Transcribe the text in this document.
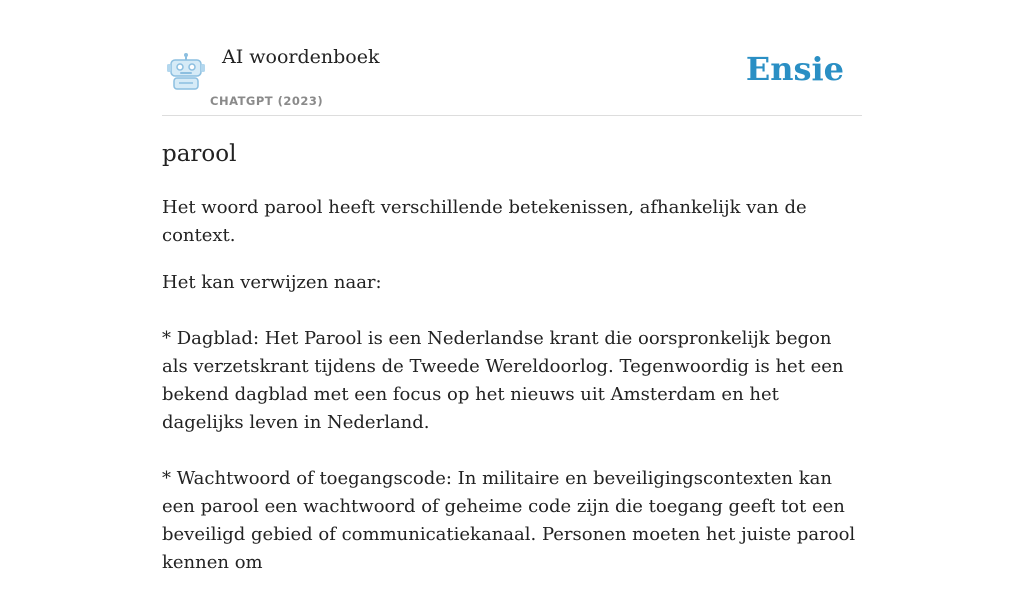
AI woordenboek
CHATGPT (2023)
Ensie
parool

Het woord parool heeft verschillende betekenissen, afhankelijk van de context.

Het kan verwijzen naar:

* Dagblad: Het Parool is een Nederlandse krant die oorspronkelijk begon als verzetskrant tijdens de Tweede Wereldoorlog. Tegenwoordig is het een bekend dagblad met een focus op het nieuws uit Amsterdam en het dagelijks leven in Nederland.

* Wachtwoord of toegangscode: In militaire en beveiligingscontexten kan een parool een wachtwoord of geheime code zijn die toegang geeft tot een beveiligd gebied of communicatiekanaal. Personen moeten het juiste parool kennen om
